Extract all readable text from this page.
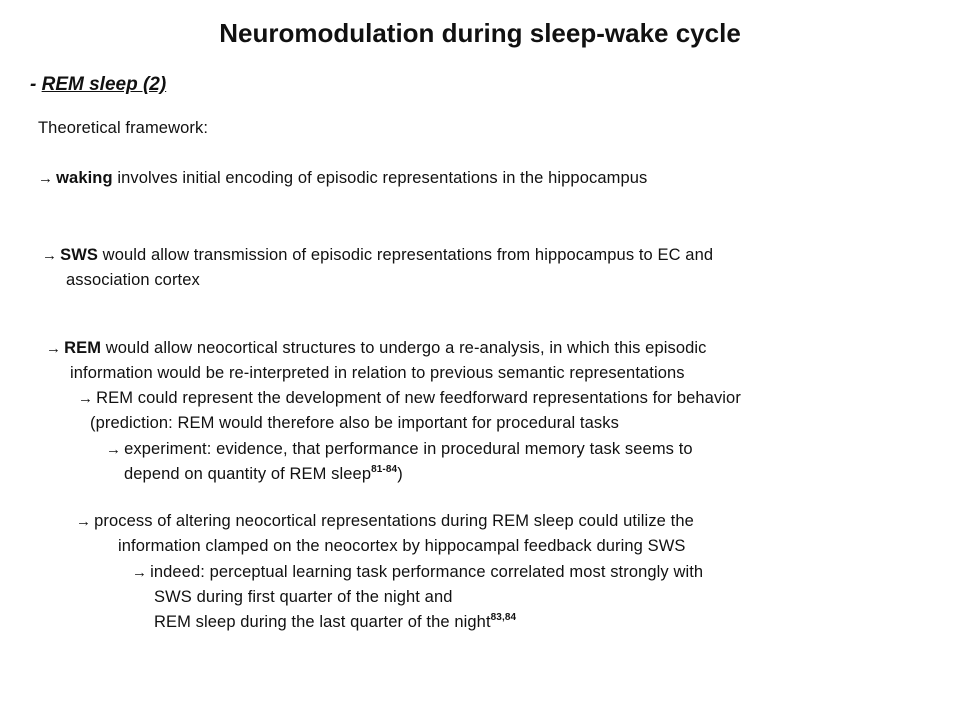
Neuromodulation during sleep-wake cycle
- REM sleep (2)
Theoretical framework:
→ waking involves initial encoding of episodic representations in the hippocampus
→ SWS would allow transmission of episodic representations from hippocampus to EC and
association cortex
→ REM would allow neocortical structures to undergo a re-analysis, in which this episodic
information would be re-interpreted in relation to previous semantic representations
→ REM could represent the development of new feedforward representations for behavior
(prediction: REM would therefore also be important for procedural tasks
→ experiment: evidence, that performance in procedural memory task seems to
depend on quantity of REM sleep$^{81-84}$)
→ process of altering neocortical representations during REM sleep could utilize the
information clamped on the neocortex by hippocampal feedback during SWS
→ indeed: perceptual learning task performance correlated most strongly with
SWS during first quarter of the night and
REM sleep during the last quarter of the night$^{83,84}$
